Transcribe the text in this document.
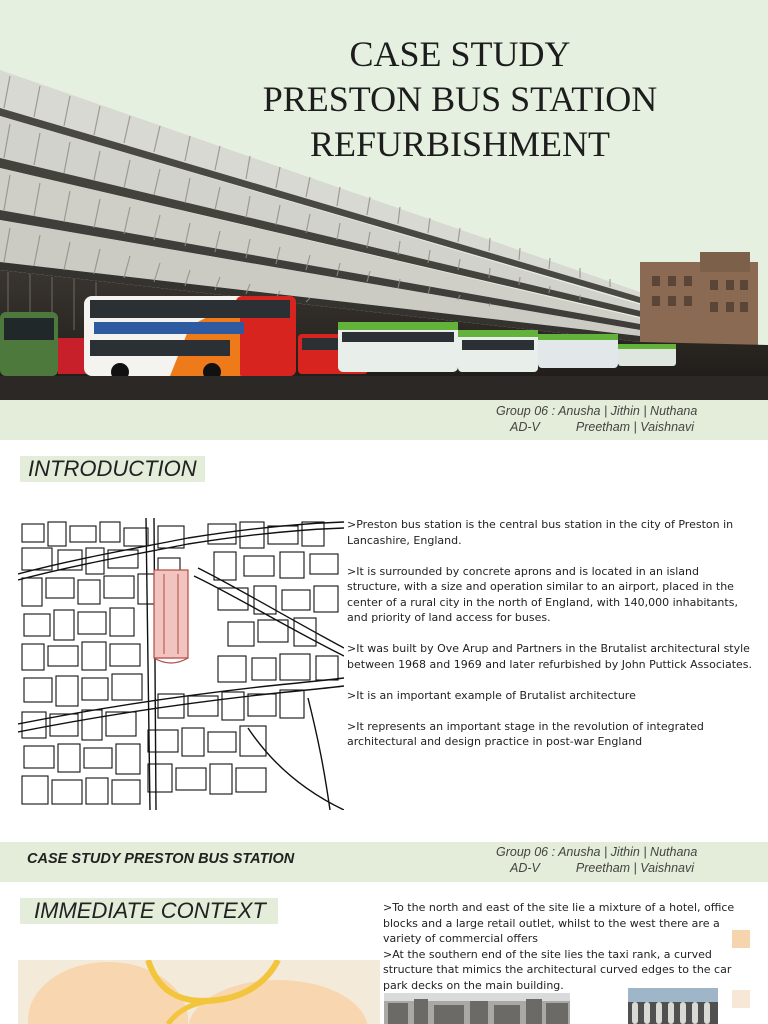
CASE STUDY
PRESTON BUS STATION
REFURBISHMENT
Group 06 : Anusha | Jithin | Nuthana
AD-V	Preetham | Vaishnavi
INTRODUCTION

>Preston bus station is the central bus station in the city of Preston in Lancashire, England.

>It is surrounded by concrete aprons and is located in an island structure, with a size and operation similar to an airport, placed in the center of a rural city in the north of England, with 140,000 inhabitants, and priority of land access for buses.

>It was built by Ove Arup and Partners in the Brutalist architectural style between 1968 and 1969 and later refurbished by John Puttick Associates.

>It is an important example of Brutalist architecture

>It represents an important stage in the revolution of integrated architectural and design practice in post-war England

CASE STUDY PRESTON BUS STATION	Group 06 : Anusha | Jithin | Nuthana
AD-V	Preetham | Vaishnavi
IMMEDIATE CONTEXT	>To the north and east of the site lie a mixture of a hotel, office blocks and a large retail outlet, whilst to the west there are a variety of commercial offers

>At the southern end of the site lies the taxi rank, a curved structure that mimics the architectural curved edges to the car park decks on the main building.
